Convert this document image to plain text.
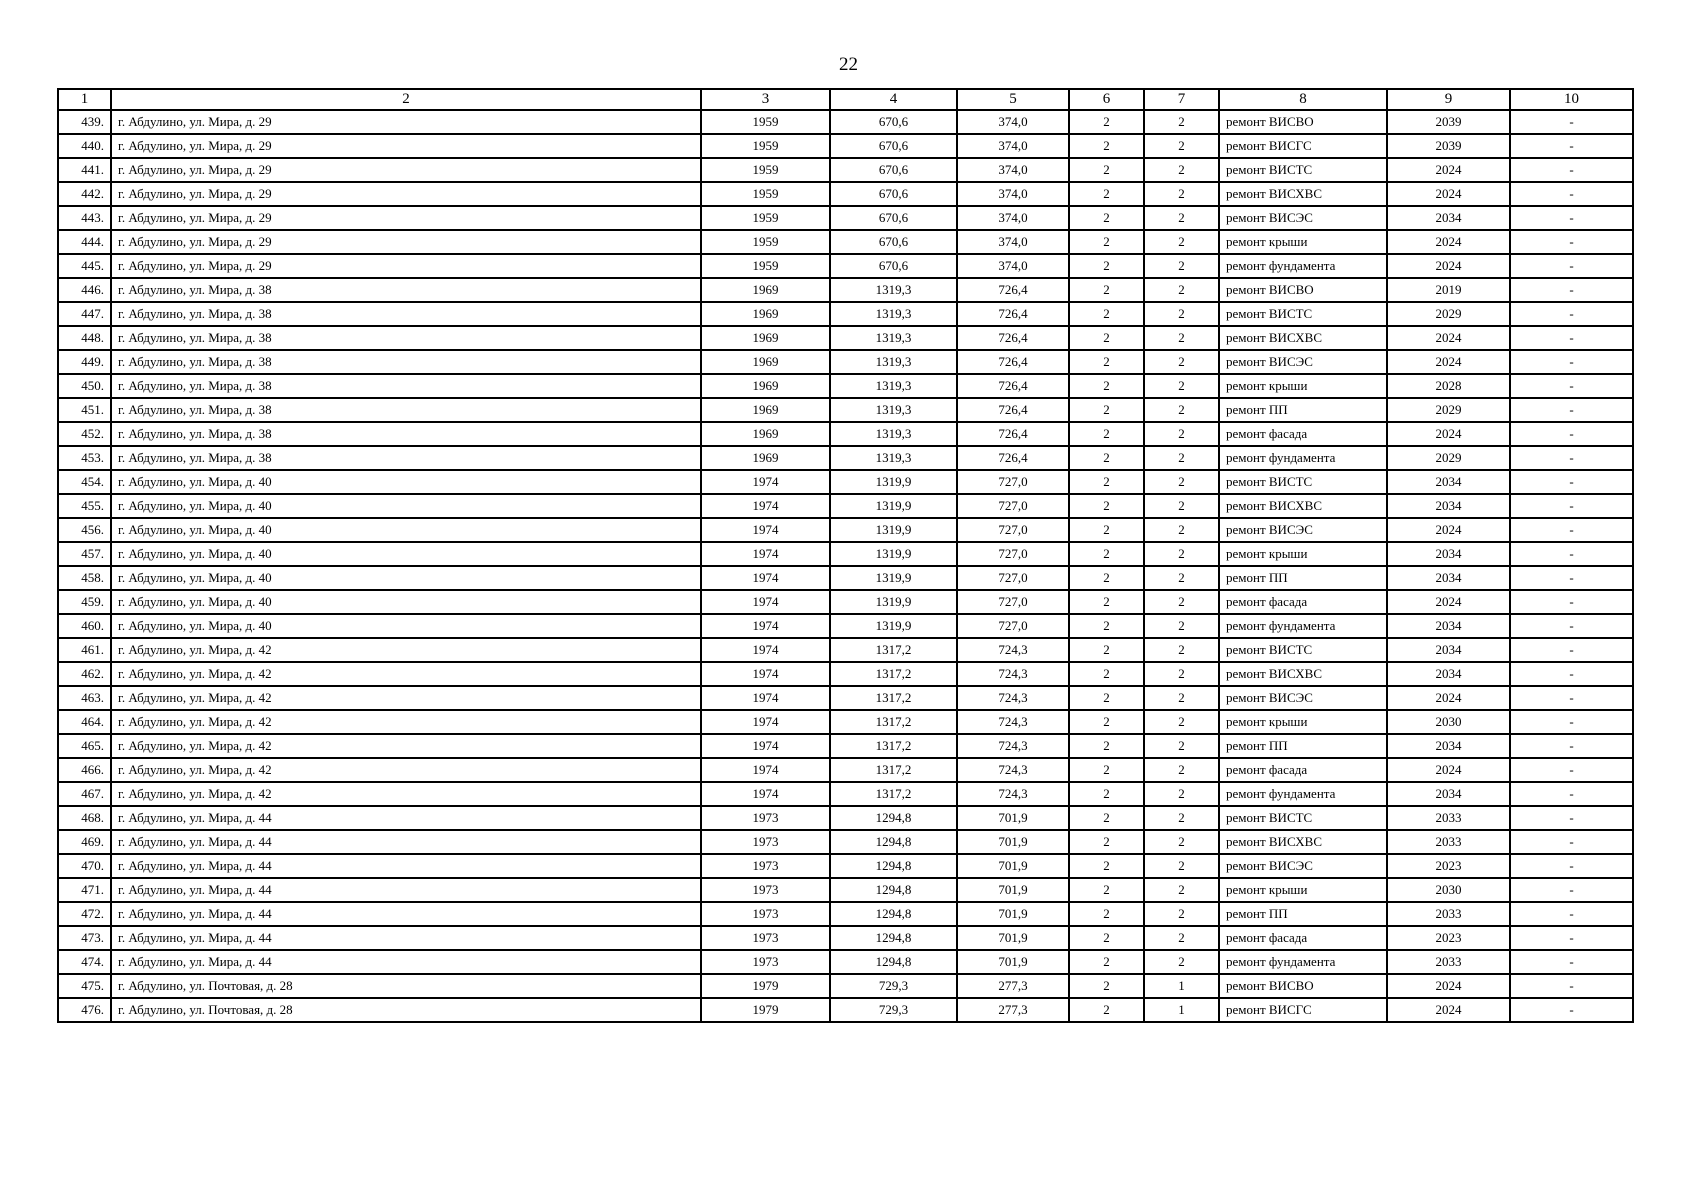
22
1	2	3	4	5	6	7	8	9	10
439.	г. Абдулино, ул. Мира, д. 29	1959	670,6	374,0	2	2	ремонт ВИСВО	2039	-
440.	г. Абдулино, ул. Мира, д. 29	1959	670,6	374,0	2	2	ремонт ВИСГС	2039	-
441.	г. Абдулино, ул. Мира, д. 29	1959	670,6	374,0	2	2	ремонт ВИСТС	2024	-
442.	г. Абдулино, ул. Мира, д. 29	1959	670,6	374,0	2	2	ремонт ВИСХВС	2024	-
443.	г. Абдулино, ул. Мира, д. 29	1959	670,6	374,0	2	2	ремонт ВИСЭС	2034	-
444.	г. Абдулино, ул. Мира, д. 29	1959	670,6	374,0	2	2	ремонт крыши	2024	-
445.	г. Абдулино, ул. Мира, д. 29	1959	670,6	374,0	2	2	ремонт фундамента	2024	-
446.	г. Абдулино, ул. Мира, д. 38	1969	1319,3	726,4	2	2	ремонт ВИСВО	2019	-
447.	г. Абдулино, ул. Мира, д. 38	1969	1319,3	726,4	2	2	ремонт ВИСТС	2029	-
448.	г. Абдулино, ул. Мира, д. 38	1969	1319,3	726,4	2	2	ремонт ВИСХВС	2024	-
449.	г. Абдулино, ул. Мира, д. 38	1969	1319,3	726,4	2	2	ремонт ВИСЭС	2024	-
450.	г. Абдулино, ул. Мира, д. 38	1969	1319,3	726,4	2	2	ремонт крыши	2028	-
451.	г. Абдулино, ул. Мира, д. 38	1969	1319,3	726,4	2	2	ремонт ПП	2029	-
452.	г. Абдулино, ул. Мира, д. 38	1969	1319,3	726,4	2	2	ремонт фасада	2024	-
453.	г. Абдулино, ул. Мира, д. 38	1969	1319,3	726,4	2	2	ремонт фундамента	2029	-
454.	г. Абдулино, ул. Мира, д. 40	1974	1319,9	727,0	2	2	ремонт ВИСТС	2034	-
455.	г. Абдулино, ул. Мира, д. 40	1974	1319,9	727,0	2	2	ремонт ВИСХВС	2034	-
456.	г. Абдулино, ул. Мира, д. 40	1974	1319,9	727,0	2	2	ремонт ВИСЭС	2024	-
457.	г. Абдулино, ул. Мира, д. 40	1974	1319,9	727,0	2	2	ремонт крыши	2034	-
458.	г. Абдулино, ул. Мира, д. 40	1974	1319,9	727,0	2	2	ремонт ПП	2034	-
459.	г. Абдулино, ул. Мира, д. 40	1974	1319,9	727,0	2	2	ремонт фасада	2024	-
460.	г. Абдулино, ул. Мира, д. 40	1974	1319,9	727,0	2	2	ремонт фундамента	2034	-
461.	г. Абдулино, ул. Мира, д. 42	1974	1317,2	724,3	2	2	ремонт ВИСТС	2034	-
462.	г. Абдулино, ул. Мира, д. 42	1974	1317,2	724,3	2	2	ремонт ВИСХВС	2034	-
463.	г. Абдулино, ул. Мира, д. 42	1974	1317,2	724,3	2	2	ремонт ВИСЭС	2024	-
464.	г. Абдулино, ул. Мира, д. 42	1974	1317,2	724,3	2	2	ремонт крыши	2030	-
465.	г. Абдулино, ул. Мира, д. 42	1974	1317,2	724,3	2	2	ремонт ПП	2034	-
466.	г. Абдулино, ул. Мира, д. 42	1974	1317,2	724,3	2	2	ремонт фасада	2024	-
467.	г. Абдулино, ул. Мира, д. 42	1974	1317,2	724,3	2	2	ремонт фундамента	2034	-
468.	г. Абдулино, ул. Мира, д. 44	1973	1294,8	701,9	2	2	ремонт ВИСТС	2033	-
469.	г. Абдулино, ул. Мира, д. 44	1973	1294,8	701,9	2	2	ремонт ВИСХВС	2033	-
470.	г. Абдулино, ул. Мира, д. 44	1973	1294,8	701,9	2	2	ремонт ВИСЭС	2023	-
471.	г. Абдулино, ул. Мира, д. 44	1973	1294,8	701,9	2	2	ремонт крыши	2030	-
472.	г. Абдулино, ул. Мира, д. 44	1973	1294,8	701,9	2	2	ремонт ПП	2033	-
473.	г. Абдулино, ул. Мира, д. 44	1973	1294,8	701,9	2	2	ремонт фасада	2023	-
474.	г. Абдулино, ул. Мира, д. 44	1973	1294,8	701,9	2	2	ремонт фундамента	2033	-
475.	г. Абдулино, ул. Почтовая, д. 28	1979	729,3	277,3	2	1	ремонт ВИСВО	2024	-
476.	г. Абдулино, ул. Почтовая, д. 28	1979	729,3	277,3	2	1	ремонт ВИСГС	2024	-
